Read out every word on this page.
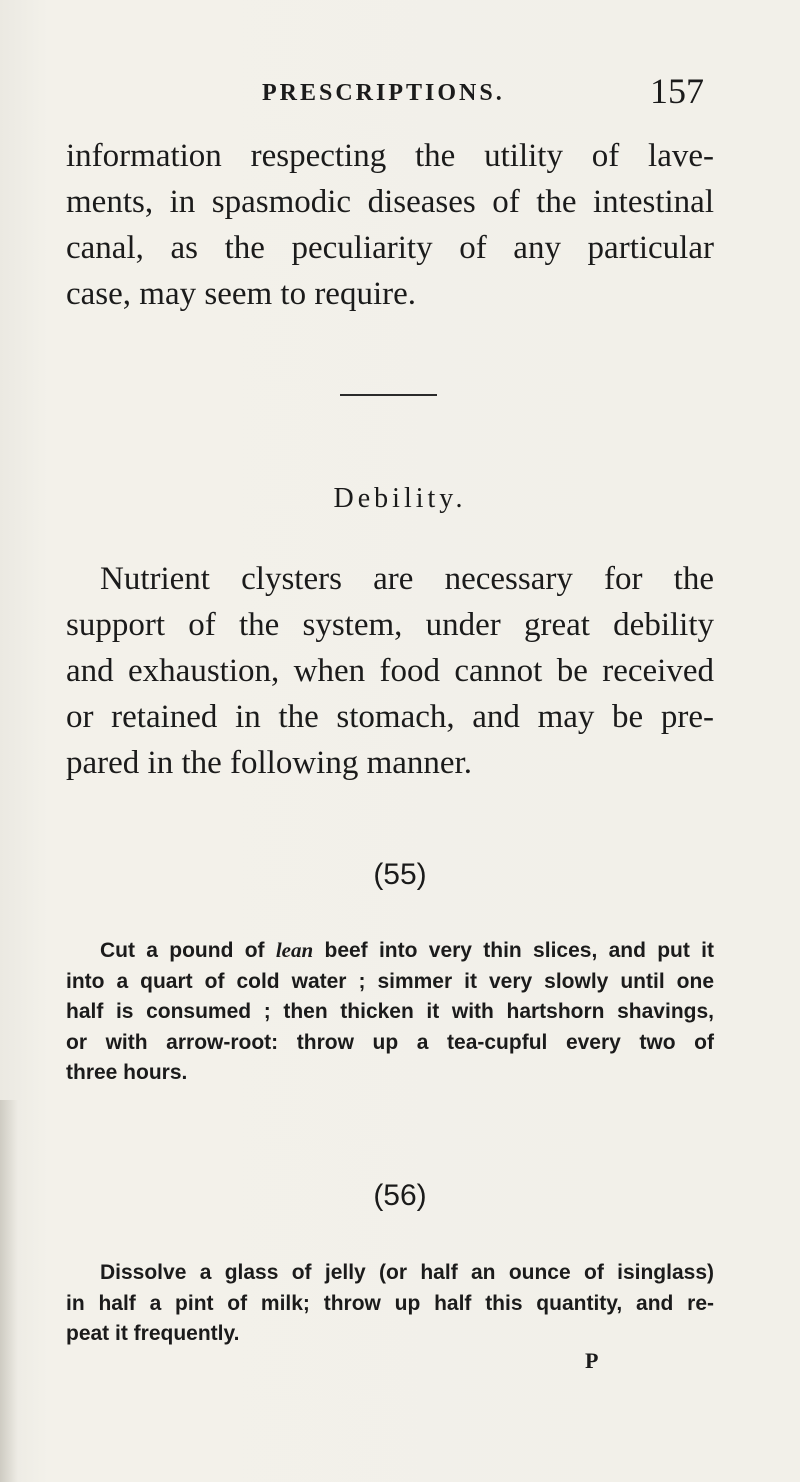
PRESCRIPTIONS.	157
information respecting the utility of lave-
ments, in spasmodic diseases of the intestinal
canal, as the peculiarity of any particular
case, may seem to require.
Debility.
Nutrient clysters are necessary for the
support of the system, under great debility
and exhaustion, when food cannot be received
or retained in the stomach, and may be pre-
pared in the following manner.
(55)
Cut a pound of lean beef into very thin slices, and put it
into a quart of cold water ; simmer it very slowly until one
half is consumed ; then thicken it with hartshorn shavings,
or with arrow-root: throw up a tea-cupful every two of
three hours.
(56)
Dissolve a glass of jelly (or half an ounce of isinglass)
in half a pint of milk; throw up half this quantity, and re-
peat it frequently.
P
